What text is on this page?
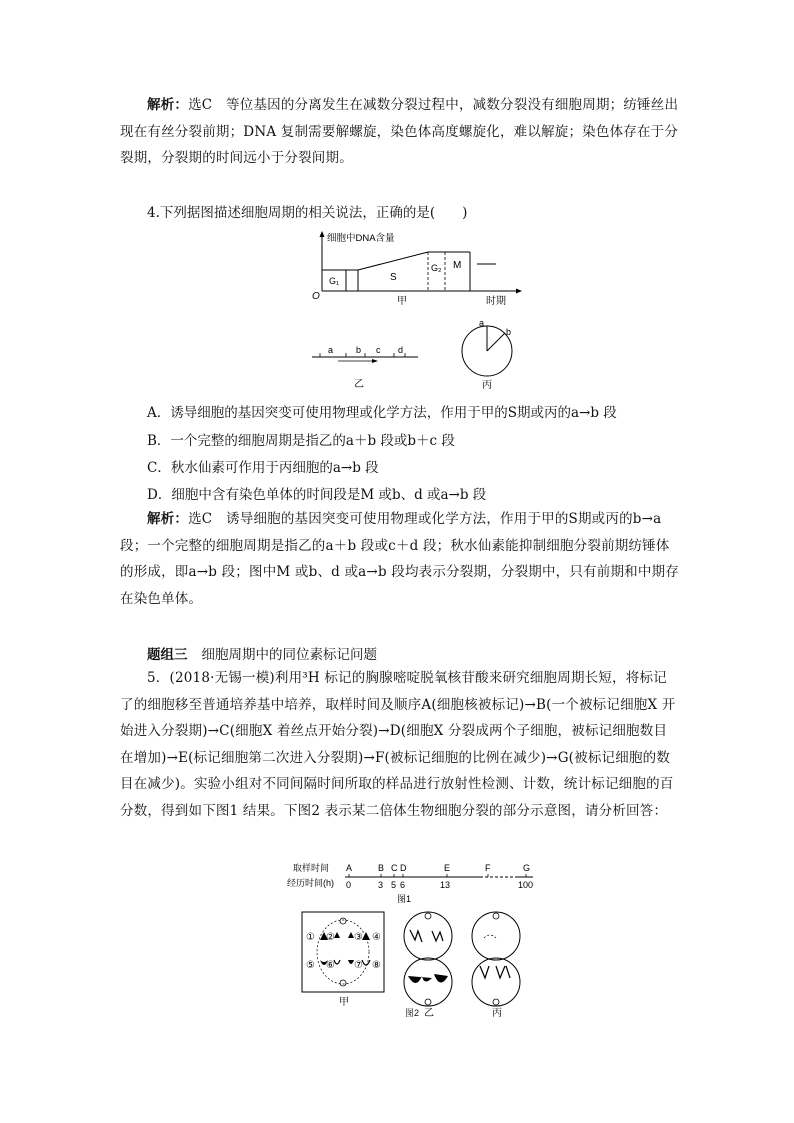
解析：选C　等位基因的分离发生在减数分裂过程中，减数分裂没有细胞周期；纺锤丝出现在有丝分裂前期；DNA 复制需要解螺旋，染色体高度螺旋化，难以解旋；染色体存在于分裂期，分裂期的时间远小于分裂间期。
4.下列据图描述细胞周期的相关说法，正确的是(　　)
细胞中DNA含量
G₁	S
G₂ M
O	时期
甲
a	b c d
乙
a
b
丙
A．诱导细胞的基因突变可使用物理或化学方法，作用于甲的S期或丙的a→b 段
B．一个完整的细胞周期是指乙的a＋b 段或b＋c 段
C．秋水仙素可作用于丙细胞的a→b 段
D．细胞中含有染色单体的时间段是M 或b、d 或a→b 段
解析：选C　诱导细胞的基因突变可使用物理或化学方法，作用于甲的S期或丙的b→a 段；一个完整的细胞周期是指乙的a＋b 段或c＋d 段；秋水仙素能抑制细胞分裂前期纺锤体的形成，即a→b 段；图中M 或b、d 或a→b 段均表示分裂期，分裂期中，只有前期和中期存在染色单体。
题组三 细胞周期中的同位素标记问题
5．(2018·无锡一模)利用³H 标记的胸腺嘧啶脱氧核苷酸来研究细胞周期长短，将标记了的细胞移至普通培养基中培养，取样时间及顺序A(细胞核被标记)→B(一个被标记细胞X 开始进入分裂期)→C(细胞X 着丝点开始分裂)→D(细胞X 分裂成两个子细胞，被标记细胞数目在增加)→E(标记细胞第二次进入分裂期)→F(被标记细胞的比例在减少)→G(被标记细胞的数目在减少)。实验小组对不同间隔时间所取的样品进行放射性检测、计数，统计标记细胞的百分数，得到如下图1 结果。下图2 表示某二倍体生物细胞分裂的部分示意图，请分析回答：
取样时间
经历时间(h)
A	B C D	E	F	G
0	3 5 6	13	100
图1
① ② ③ ④
⑤ ⑥ ⑦ ⑧
甲
乙	丙
图2
